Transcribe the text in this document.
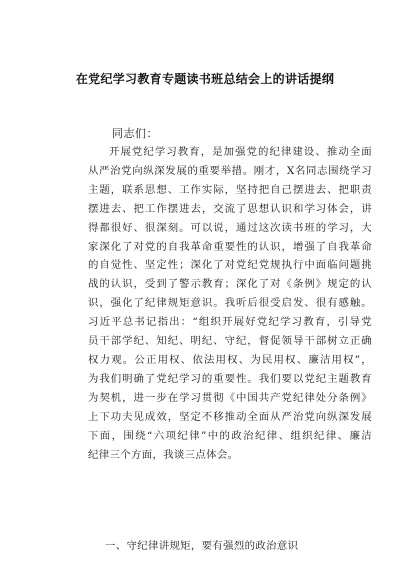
在党纪学习教育专题读书班总结会上的讲话提纲
同志们：
开展党纪学习教育，是加强党的纪律建设、推动全面
从严治党向纵深发展的重要举措。刚才，X名同志围绕学习
主题，联系思想、工作实际，坚持把自己摆进去、把职责
摆进去、把工作摆进去，交流了思想认识和学习体会，讲
得都很好、很深刻。可以说，通过这次读书班的学习，大
家深化了对党的自我革命重要性的认识，增强了自我革命
的自觉性、坚定性；深化了对党纪党规执行中面临问题挑
战的认识，受到了警示教育；深化了对《条例》规定的认
识，强化了纪律规矩意识。我听后很受启发、很有感触。
习近平总书记指出：“组织开展好党纪学习教育，引导党
员干部学纪、知纪、明纪、守纪，督促领导干部树立正确
权力观。公正用权、依法用权、为民用权、廉洁用权”，
为我们明确了党纪学习的重要性。我们要以党纪主题教育
为契机，进一步在学习贯彻《中国共产党纪律处分条例》
上下功夫见成效，坚定不移推动全面从严治党向纵深发展
下面，围绕“六项纪律”中的政治纪律、组织纪律、廉洁
纪律三个方面，我谈三点体会。
一、守纪律讲规矩，要有强烈的政治意识
